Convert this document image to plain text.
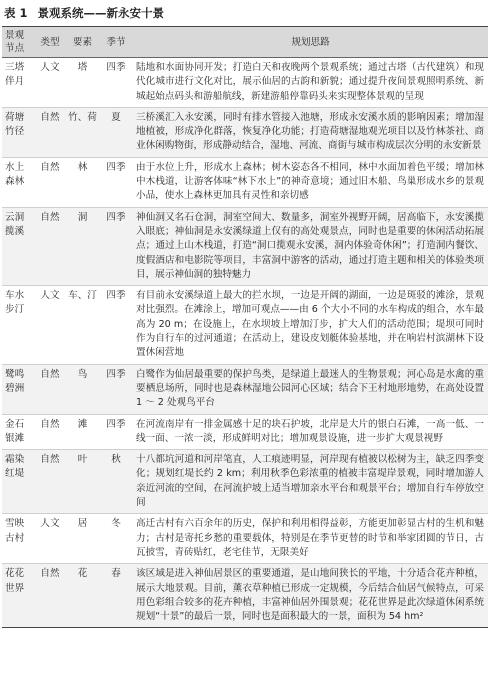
表 1 景观系统——新永安十景
景观节点	类型	要素	季节	规划思路
三塔伴月	人文	塔	四季	陆地和水面协同开发；打造白天和夜晚两个景观系统；通过古塔（古代建筑）和现代化城市进行文化对比，展示仙居的古韵和新貌；通过提升夜间景观照明系统、新城起始点码头和游船航线，新建游船停靠码头来实现整体景观的呈现
荷塘竹径	自然	竹、荷	夏	三桥溪汇入永安溪，同时有排水管接入池塘，形成永安溪水质的影响因素；增加湿地植被，形成净化群落，恢复净化功能；打造荷塘湿地观光项目以及竹林茶社、商业休闲购物街，形成静动结合，湿地、河流、商街与城市构成层次分明的永安新景
水上森林	自然	林	四季	由于水位上升，形成水上森林；树木姿态各不相同，林中水面加着色平缓；增加林中木栈道，让游客体味“林下水上”的神奇意境；通过旧木船、鸟巢形成水乡的景观小品，使水上森林更加具有灵性和亲切感
云洞揽溪	自然	洞	四季	神仙洞又名石仓洞，洞室空间大、数量多，洞室外视野开阔，居高临下，永安溪揽入眼底；神仙洞是永安溪绿道上仅有的高处观景点，同时也是重要的休闲活动拓展点；通过上山木栈道，打造“洞口揽观永安溪，洞内体验奇休闲”；打造洞内餐饮、度假酒店和电影院等项目，丰富洞中游客的活动，通过打造主题和相关的体验类项目，展示神仙洞的独特魅力
车水步汀	人文	车、汀	四季	有目前永安溪绿道上最大的拦水坝，一边是开阔的湖面，一边是斑驳的滩涂，景观对比强烈。在滩涂上，增加可观点——由 6 个大小不同的水车构成的组合，水车最高为 20 m；在设施上，在水坝坡上增加汀步，扩大人们的活动范围；堤坝可同时作为自行车的过河通道；在活动上，建设皮划艇体验基地，并在响岩村滨湖林下设置休闲营地
鹭鸣碧洲	自然	鸟	四季	白鹭作为仙居最重要的保护鸟类，是绿道上最迷人的生物景观；河心岛是水禽的重要栖息场所，同时也是森林湿地公园河心区域；结合下王村地形地势，在高处设置 1 ～ 2 处观鸟平台
金石银滩	自然	滩	四季	在河流南岸有一排金属感十足的块石护坡，北岸是大片的银白石滩，一高一低、一线一面、一浓一淡，形成鲜明对比；增加观景设施，进一步扩大观景视野
霜染红堤	自然	叶	秋	十八都坑河道和河岸笔直，人工痕迹明显，河岸现有植被以松树为主，缺乏四季变化；规划红堤长约 2 km；利用秋季色彩浓重的植被丰富堤岸景观，同时增加游人亲近河流的空间，在河流护坡上适当增加亲水平台和观景平台；增加自行车停放空间
雪映古村	人文	居	冬	高迁古村有六百余年的历史，保护和利用相得益彰，方能更加彰显古村的生机和魅力；古村是寄托乡愁的重要载体，特别是在季节更替的时节和举家团圆的节日，古瓦披雪，青砖贴红，老宅佳节，无限美好
花花世界	自然	花	春	该区域是进入神仙居景区的重要通道，是山地间狭长的平地，十分适合花卉种植，展示大地景观。目前，薰衣草种植已形成一定规模，今后结合仙居气候特点，可采用色彩组合较多的花卉种植，丰富神仙居外围景观；花花世界是此次绿道休闲系统规划“十景”的最后一景，同时也是面积最大的一景，面积为 54 hm²
